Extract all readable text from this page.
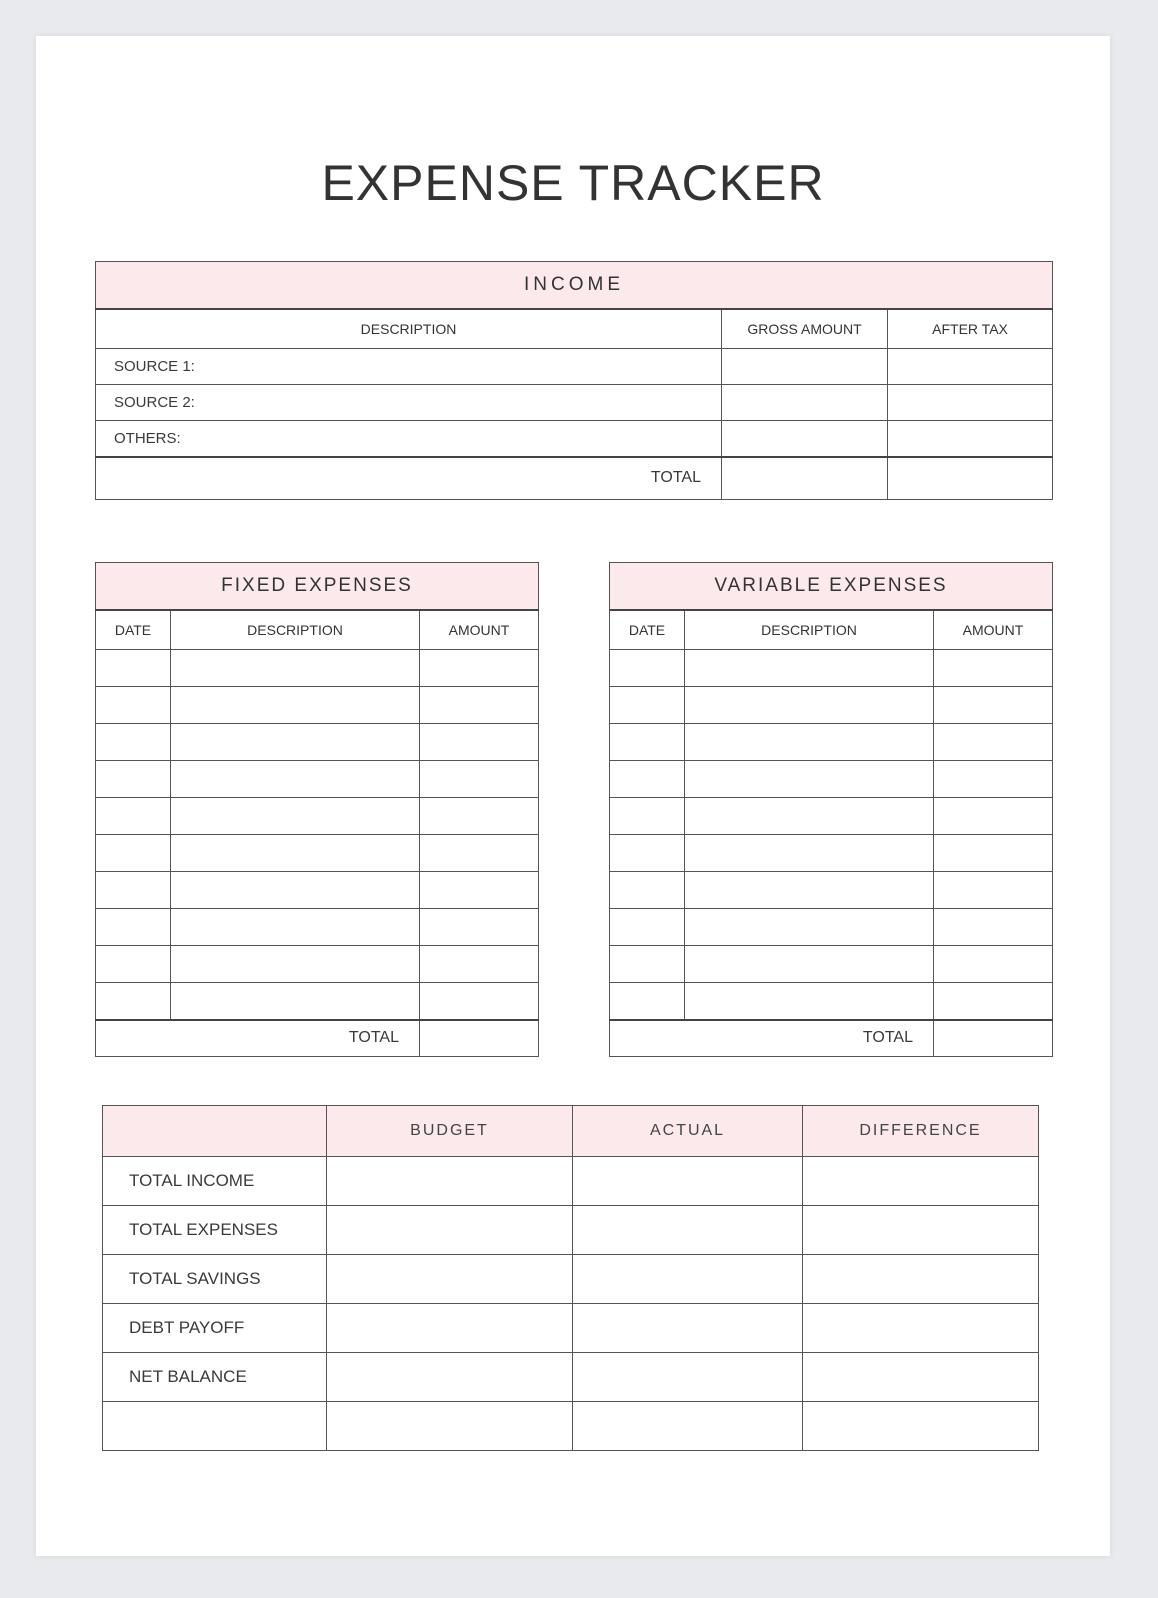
EXPENSE TRACKER
INCOME		
DESCRIPTION	GROSS AMOUNT	AFTER TAX
SOURCE 1:		
SOURCE 2:		
OTHERS:		
TOTAL		
FIXED EXPENSES		
DATE	DESCRIPTION	AMOUNT

TOTAL		
VARIABLE EXPENSES		
DATE	DESCRIPTION	AMOUNT

TOTAL		
	BUDGET	ACTUAL	DIFFERENCE
TOTAL INCOME			
TOTAL EXPENSES			
TOTAL SAVINGS			
DEBT PAYOFF			
NET BALANCE			
